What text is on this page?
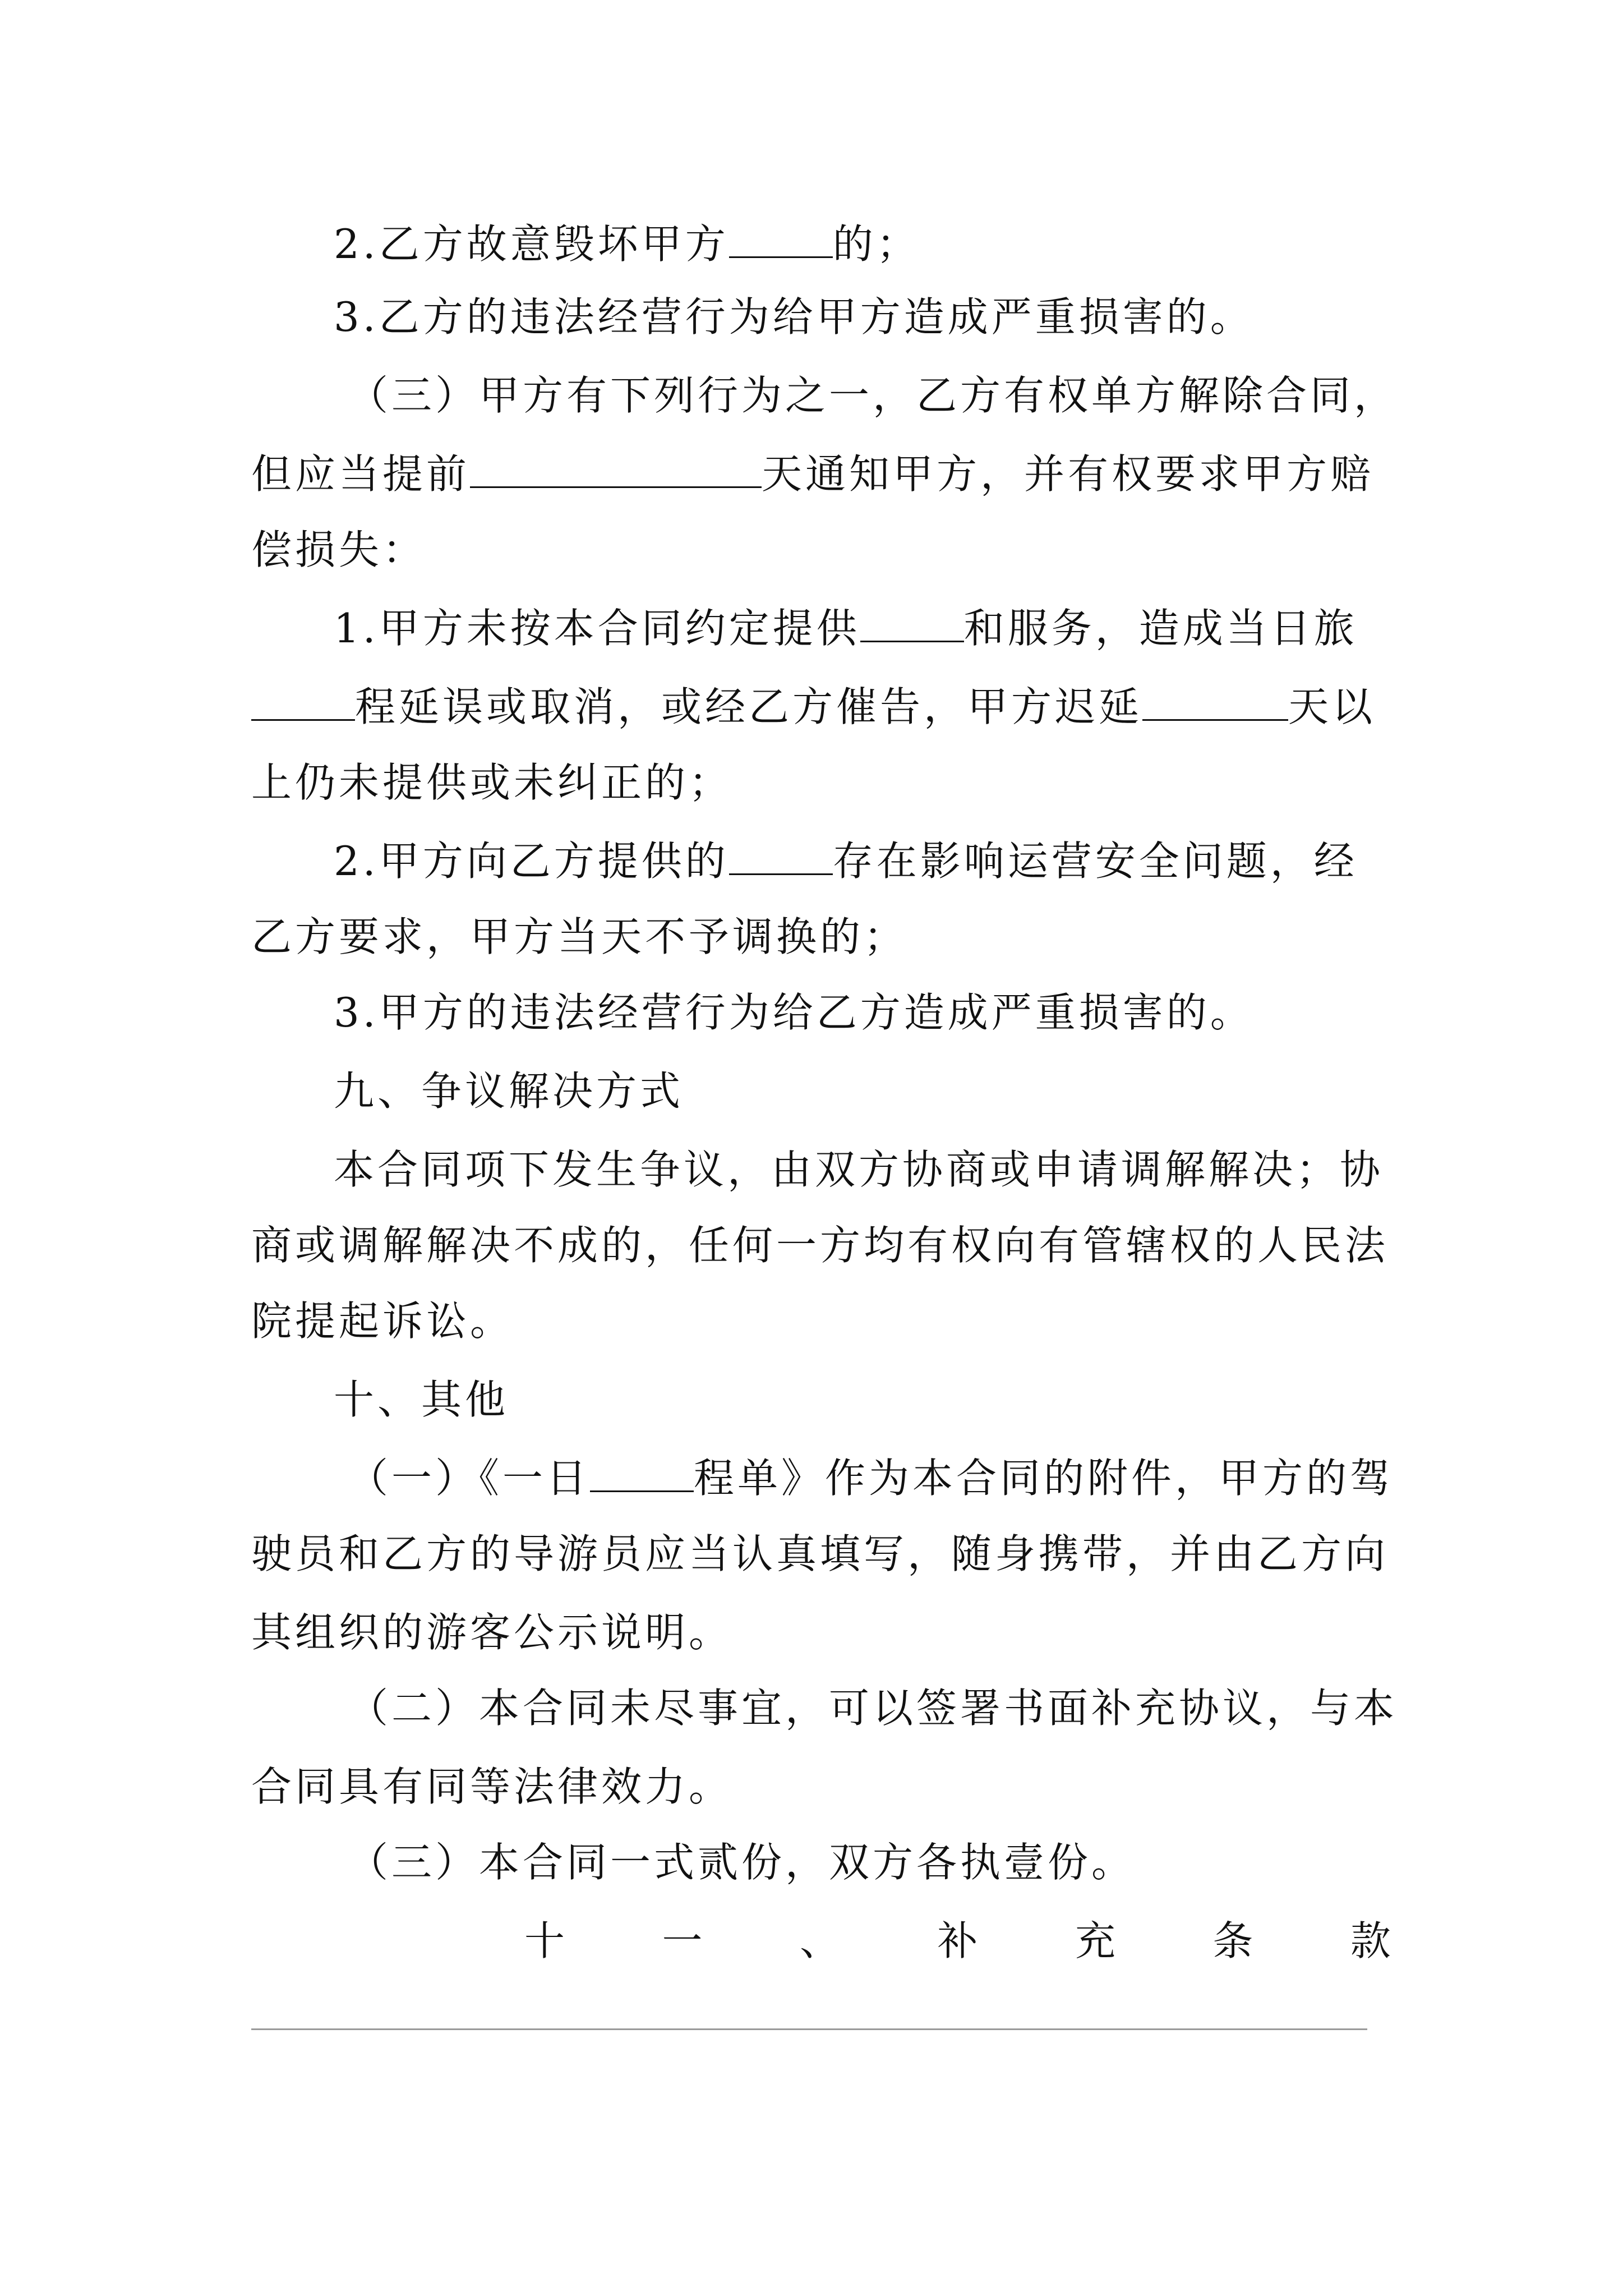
2.乙方故意毁坏甲方	的；
3.乙方的违法经营行为给甲方造成严重损害的。
（三）甲方有下列行为之一，乙方有权单方解除合同，
但应当提前	天通知甲方，并有权要求甲方赔
偿损失：
1.甲方未按本合同约定提供	和服务，造成当日旅
程延误或取消，或经乙方催告，甲方迟延	天以
上仍未提供或未纠正的；
2.甲方向乙方提供的	存在影响运营安全问题，经
乙方要求，甲方当天不予调换的；
3.甲方的违法经营行为给乙方造成严重损害的。
九、争议解决方式
本合同项下发生争议，由双方协商或申请调解解决；协
商或调解解决不成的，任何一方均有权向有管辖权的人民法
院提起诉讼。
十、其他
（一）《一日	程单》作为本合同的附件，甲方的驾
驶员和乙方的导游员应当认真填写，随身携带，并由乙方向
其组织的游客公示说明。
（二）本合同未尽事宜，可以签署书面补充协议，与本
合同具有同等法律效力。
（三）本合同一式贰份，双方各执壹份。
十 一 、 补 充 条 款
